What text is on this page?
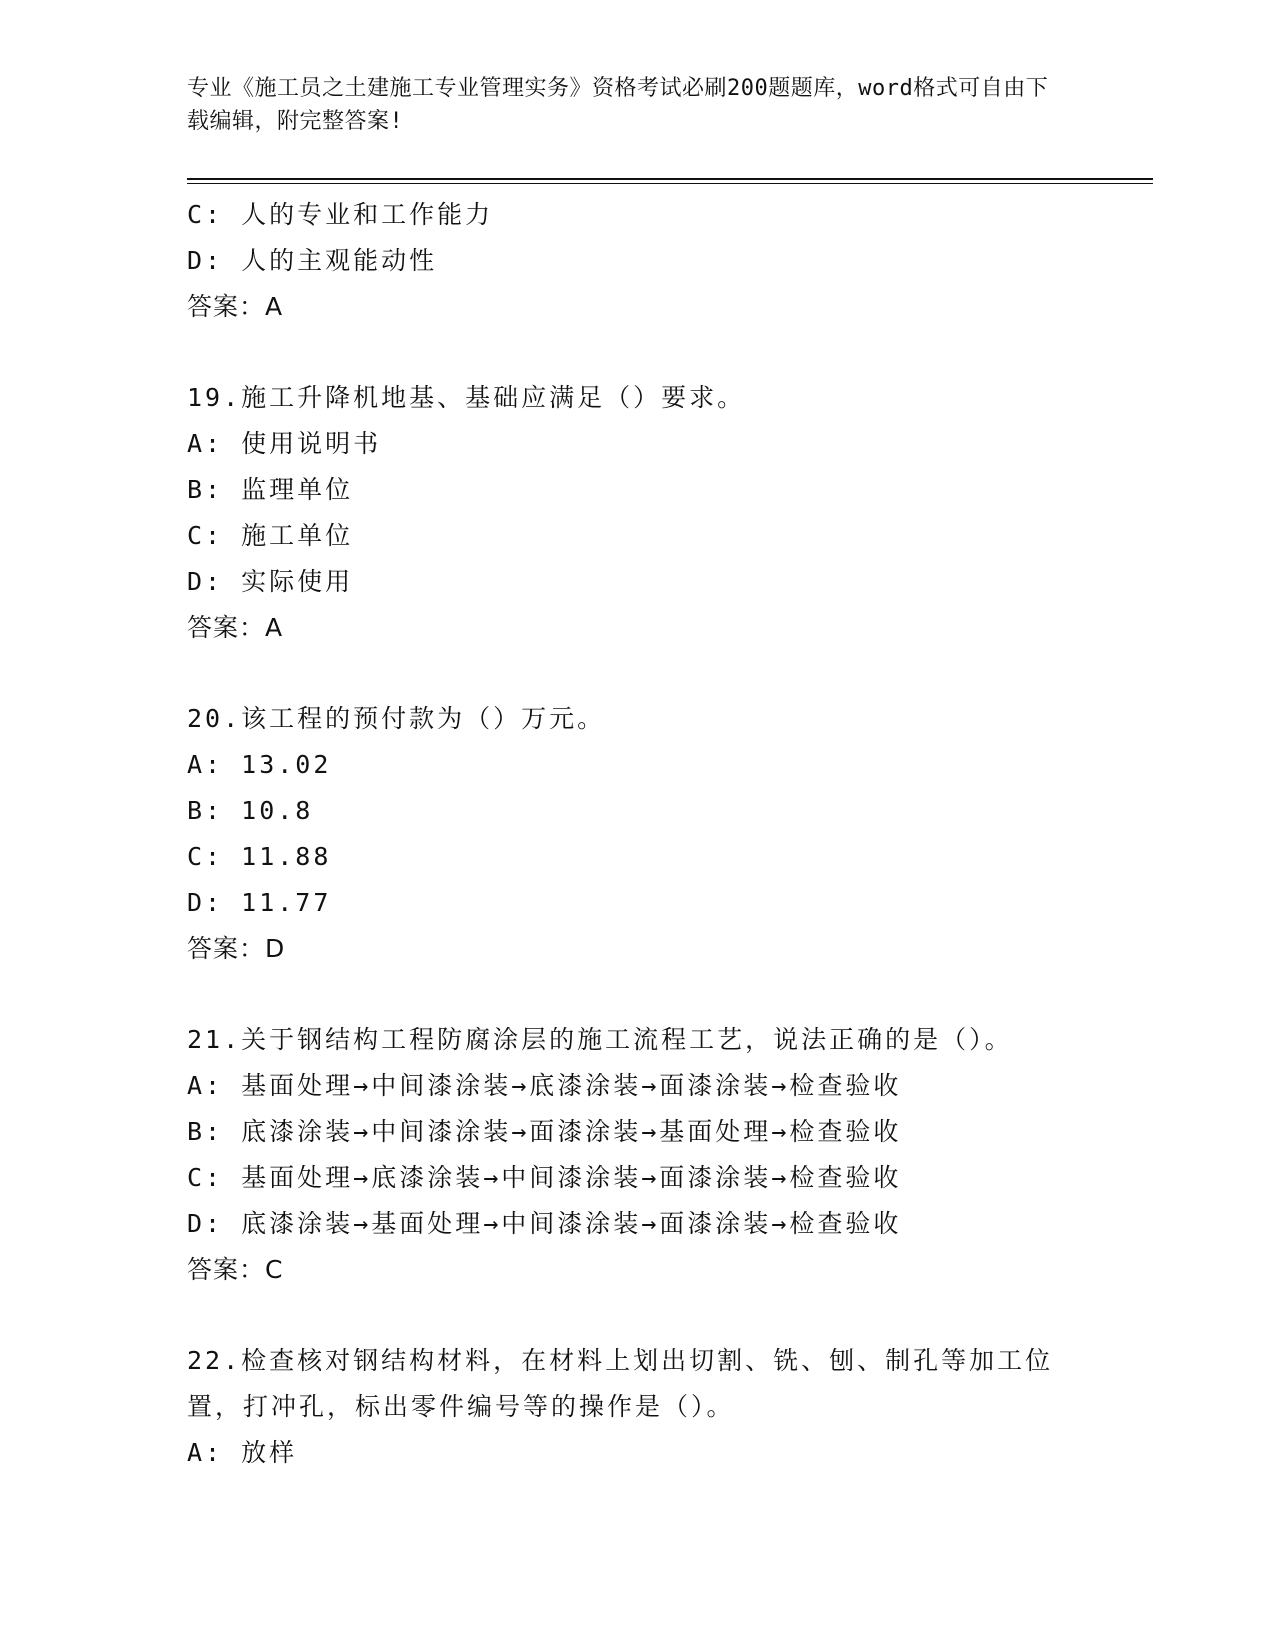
专业《施工员之土建施工专业管理实务》资格考试必刷200题题库，word格式可自由下载编辑，附完整答案!
C: 人的专业和工作能力
D: 人的主观能动性
答案：A
19.施工升降机地基、基础应满足（）要求。
A: 使用说明书
B: 监理单位
C: 施工单位
D: 实际使用
答案：A
20.该工程的预付款为（）万元。
A: 13.02
B: 10.8
C: 11.88
D: 11.77
答案：D
21.关于钢结构工程防腐涂层的施工流程工艺，说法正确的是（）。
A: 基面处理→中间漆涂装→底漆涂装→面漆涂装→检查验收
B: 底漆涂装→中间漆涂装→面漆涂装→基面处理→检查验收
C: 基面处理→底漆涂装→中间漆涂装→面漆涂装→检查验收
D: 底漆涂装→基面处理→中间漆涂装→面漆涂装→检查验收
答案：C
22.检查核对钢结构材料，在材料上划出切割、铣、刨、制孔等加工位置，打冲孔，标出零件编号等的操作是（）。
A: 放样
